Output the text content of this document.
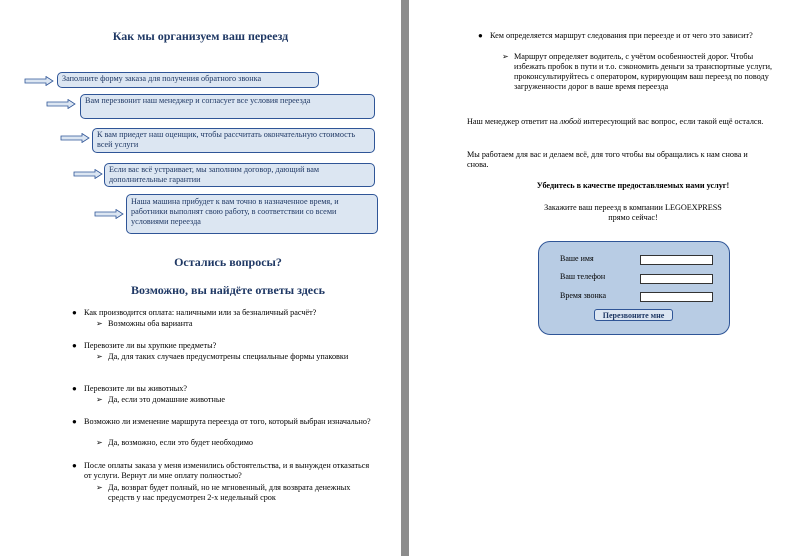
Как мы организуем ваш переезд
Заполните форму заказа для получения обратного звонка
Вам перезвонит наш менеджер и согласует все условия переезда
К вам приедет наш оценщик, чтобы рассчитать окончательную стоимость всей услуги
Если вас всё устраивает, мы заполним договор, дающий вам дополнительные гарантии
Наша машина прибудет к вам точно в назначенное время, и работники выполнят свою работу, в соответствии со всеми условиями переезда
Остались вопросы?
Возможно, вы найдёте ответы здесь
● Как производится оплата: наличными или за безналичный расчёт?
➢ Возможны оба варианта
● Перевозите ли вы хрупкие предметы?
➢ Да, для таких случаев предусмотрены специальные формы упаковки
● Перевозите ли вы животных?
➢ Да, если это домашние животные
● Возможно ли изменение маршрута переезда от того, который выбран изначально?
➢ Да, возможно, если это будет необходимо
● После оплаты заказа у меня изменились обстоятельства, и я вынужден отказаться от услуги. Вернут ли мне оплату полностью?
➢ Да, возврат будет полный, но не мгновенный, для возврата денежных средств у нас предусмотрен 2-х недельный срок
● Кем определяется маршрут следования при переезде и от чего это зависит?
➢ Маршрут определяет водитель, с учётом особенностей дорог. Чтобы избежать пробок в пути и т.о. сэкономить деньги за транспортные услуги, проконсультируйтесь с оператором, курирующим ваш переезд по поводу загруженности дорог в ваше время переезда
Наш менеджер ответит на любой интересующий вас вопрос, если такой ещё остался.
Мы работаем для вас и делаем всё, для того чтобы вы обращались к нам снова и снова.
Убедитесь в качестве предоставляемых нами услуг!
Закажите ваш переезд в компании LEGOEXPRESS
прямо сейчас!
Ваше имя
Ваш телефон
Время звонка
Перезвоните мне
